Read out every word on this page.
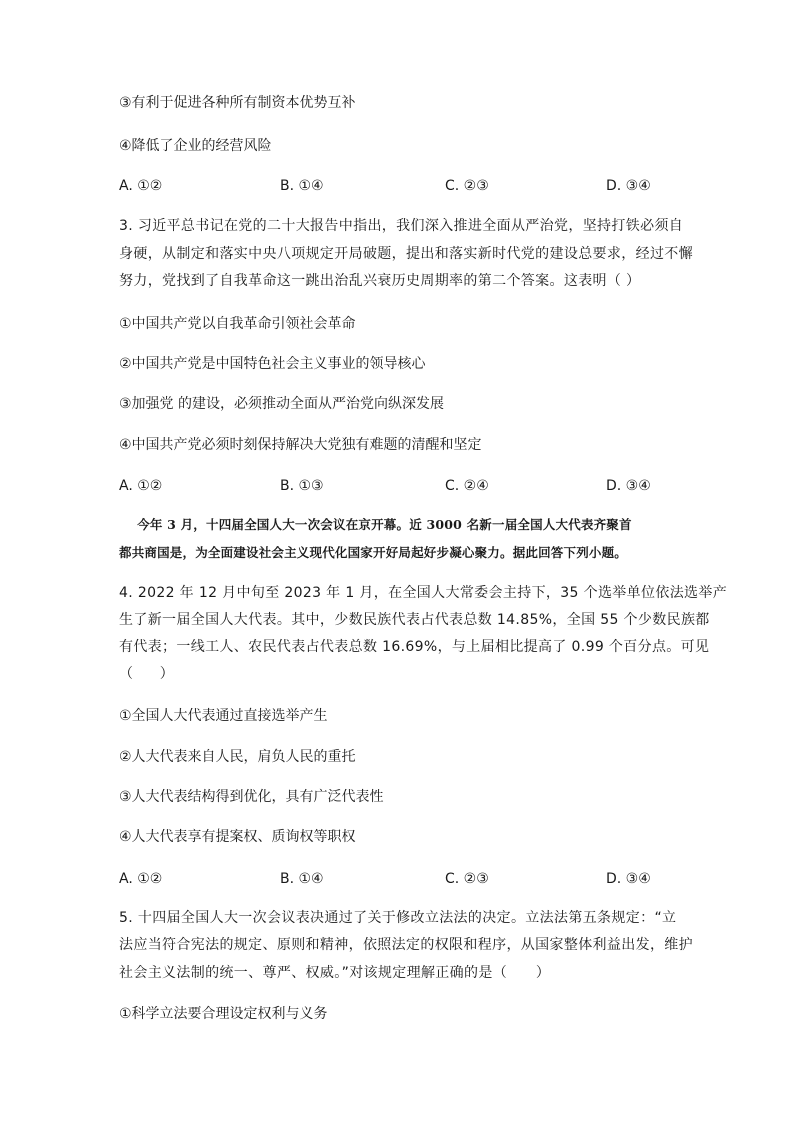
③有利于促进各种所有制资本优势互补

④降低了企业的经营风险

A. ①②	B. ①④	C. ②③	D. ③④

3. 习近平总书记在党的二十大报告中指出，我们深入推进全面从严治党，坚持打铁必须自

身硬，从制定和落实中央八项规定开局破题，提出和落实新时代党的建设总要求，经过不懈

努力，党找到了自我革命这一跳出治乱兴衰历史周期率的第二个答案。这表明（ ）

①中国共产党以自我革命引领社会革命

②中国共产党是中国特色社会主义事业的领导核心

③加强党 的建设，必须推动全面从严治党向纵深发展

④中国共产党必须时刻保持解决大党独有难题的清醒和坚定

A. ①②	B. ①③	C. ②④	D. ③④

今年 3 月，十四届全国人大一次会议在京开幕。近 3000 名新一届全国人大代表齐聚首

都共商国是，为全面建设社会主义现代化国家开好局起好步凝心聚力。据此回答下列小题。

4. 2022 年 12 月中旬至 2023 年 1 月，在全国人大常委会主持下，35 个选举单位依法选举产

生了新一届全国人大代表。其中，少数民族代表占代表总数 14.85%，全国 55 个少数民族都

有代表；一线工人、农民代表占代表总数 16.69%，与上届相比提高了 0.99 个百分点。可见

（      ）

①全国人大代表通过直接选举产生

②人大代表来自人民，肩负人民的重托

③人大代表结构得到优化，具有广泛代表性

④人大代表享有提案权、质询权等职权

A. ①②	B. ①④	C. ②③	D. ③④

5. 十四届全国人大一次会议表决通过了关于修改立法法的决定。立法法第五条规定：“立

法应当符合宪法的规定、原则和精神，依照法定的权限和程序，从国家整体利益出发，维护

社会主义法制的统一、尊严、权威。”对该规定理解正确的是（      ）

①科学立法要合理设定权利与义务
